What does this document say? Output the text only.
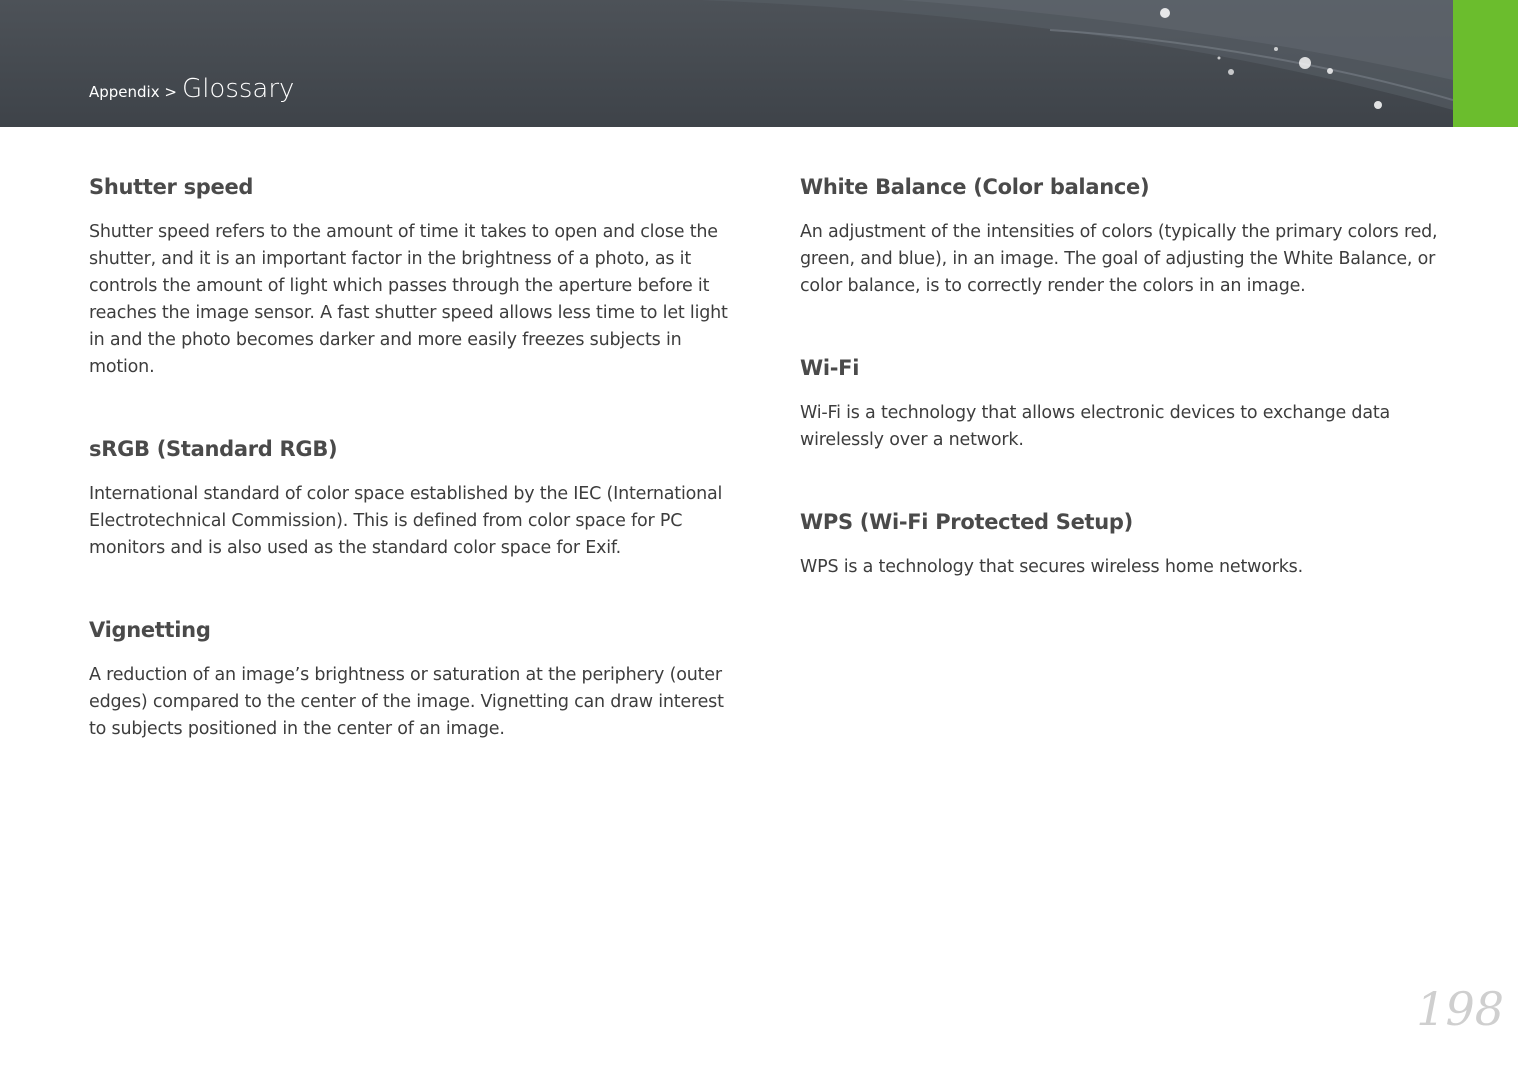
Appendix > Glossary
Shutter speed

Shutter speed refers to the amount of time it takes to open and close the shutter, and it is an important factor in the brightness of a photo, as it controls the amount of light which passes through the aperture before it reaches the image sensor. A fast shutter speed allows less time to let light in and the photo becomes darker and more easily freezes subjects in motion.

sRGB (Standard RGB)

International standard of color space established by the IEC (International Electrotechnical Commission). This is defined from color space for PC monitors and is also used as the standard color space for Exif.

Vignetting

A reduction of an image’s brightness or saturation at the periphery (outer edges) compared to the center of the image. Vignetting can draw interest to subjects positioned in the center of an image.

White Balance (Color balance)

An adjustment of the intensities of colors (typically the primary colors red, green, and blue), in an image. The goal of adjusting the White Balance, or color balance, is to correctly render the colors in an image.

Wi-Fi

Wi-Fi is a technology that allows electronic devices to exchange data wirelessly over a network.

WPS (Wi-Fi Protected Setup)

WPS is a technology that secures wireless home networks.

198
